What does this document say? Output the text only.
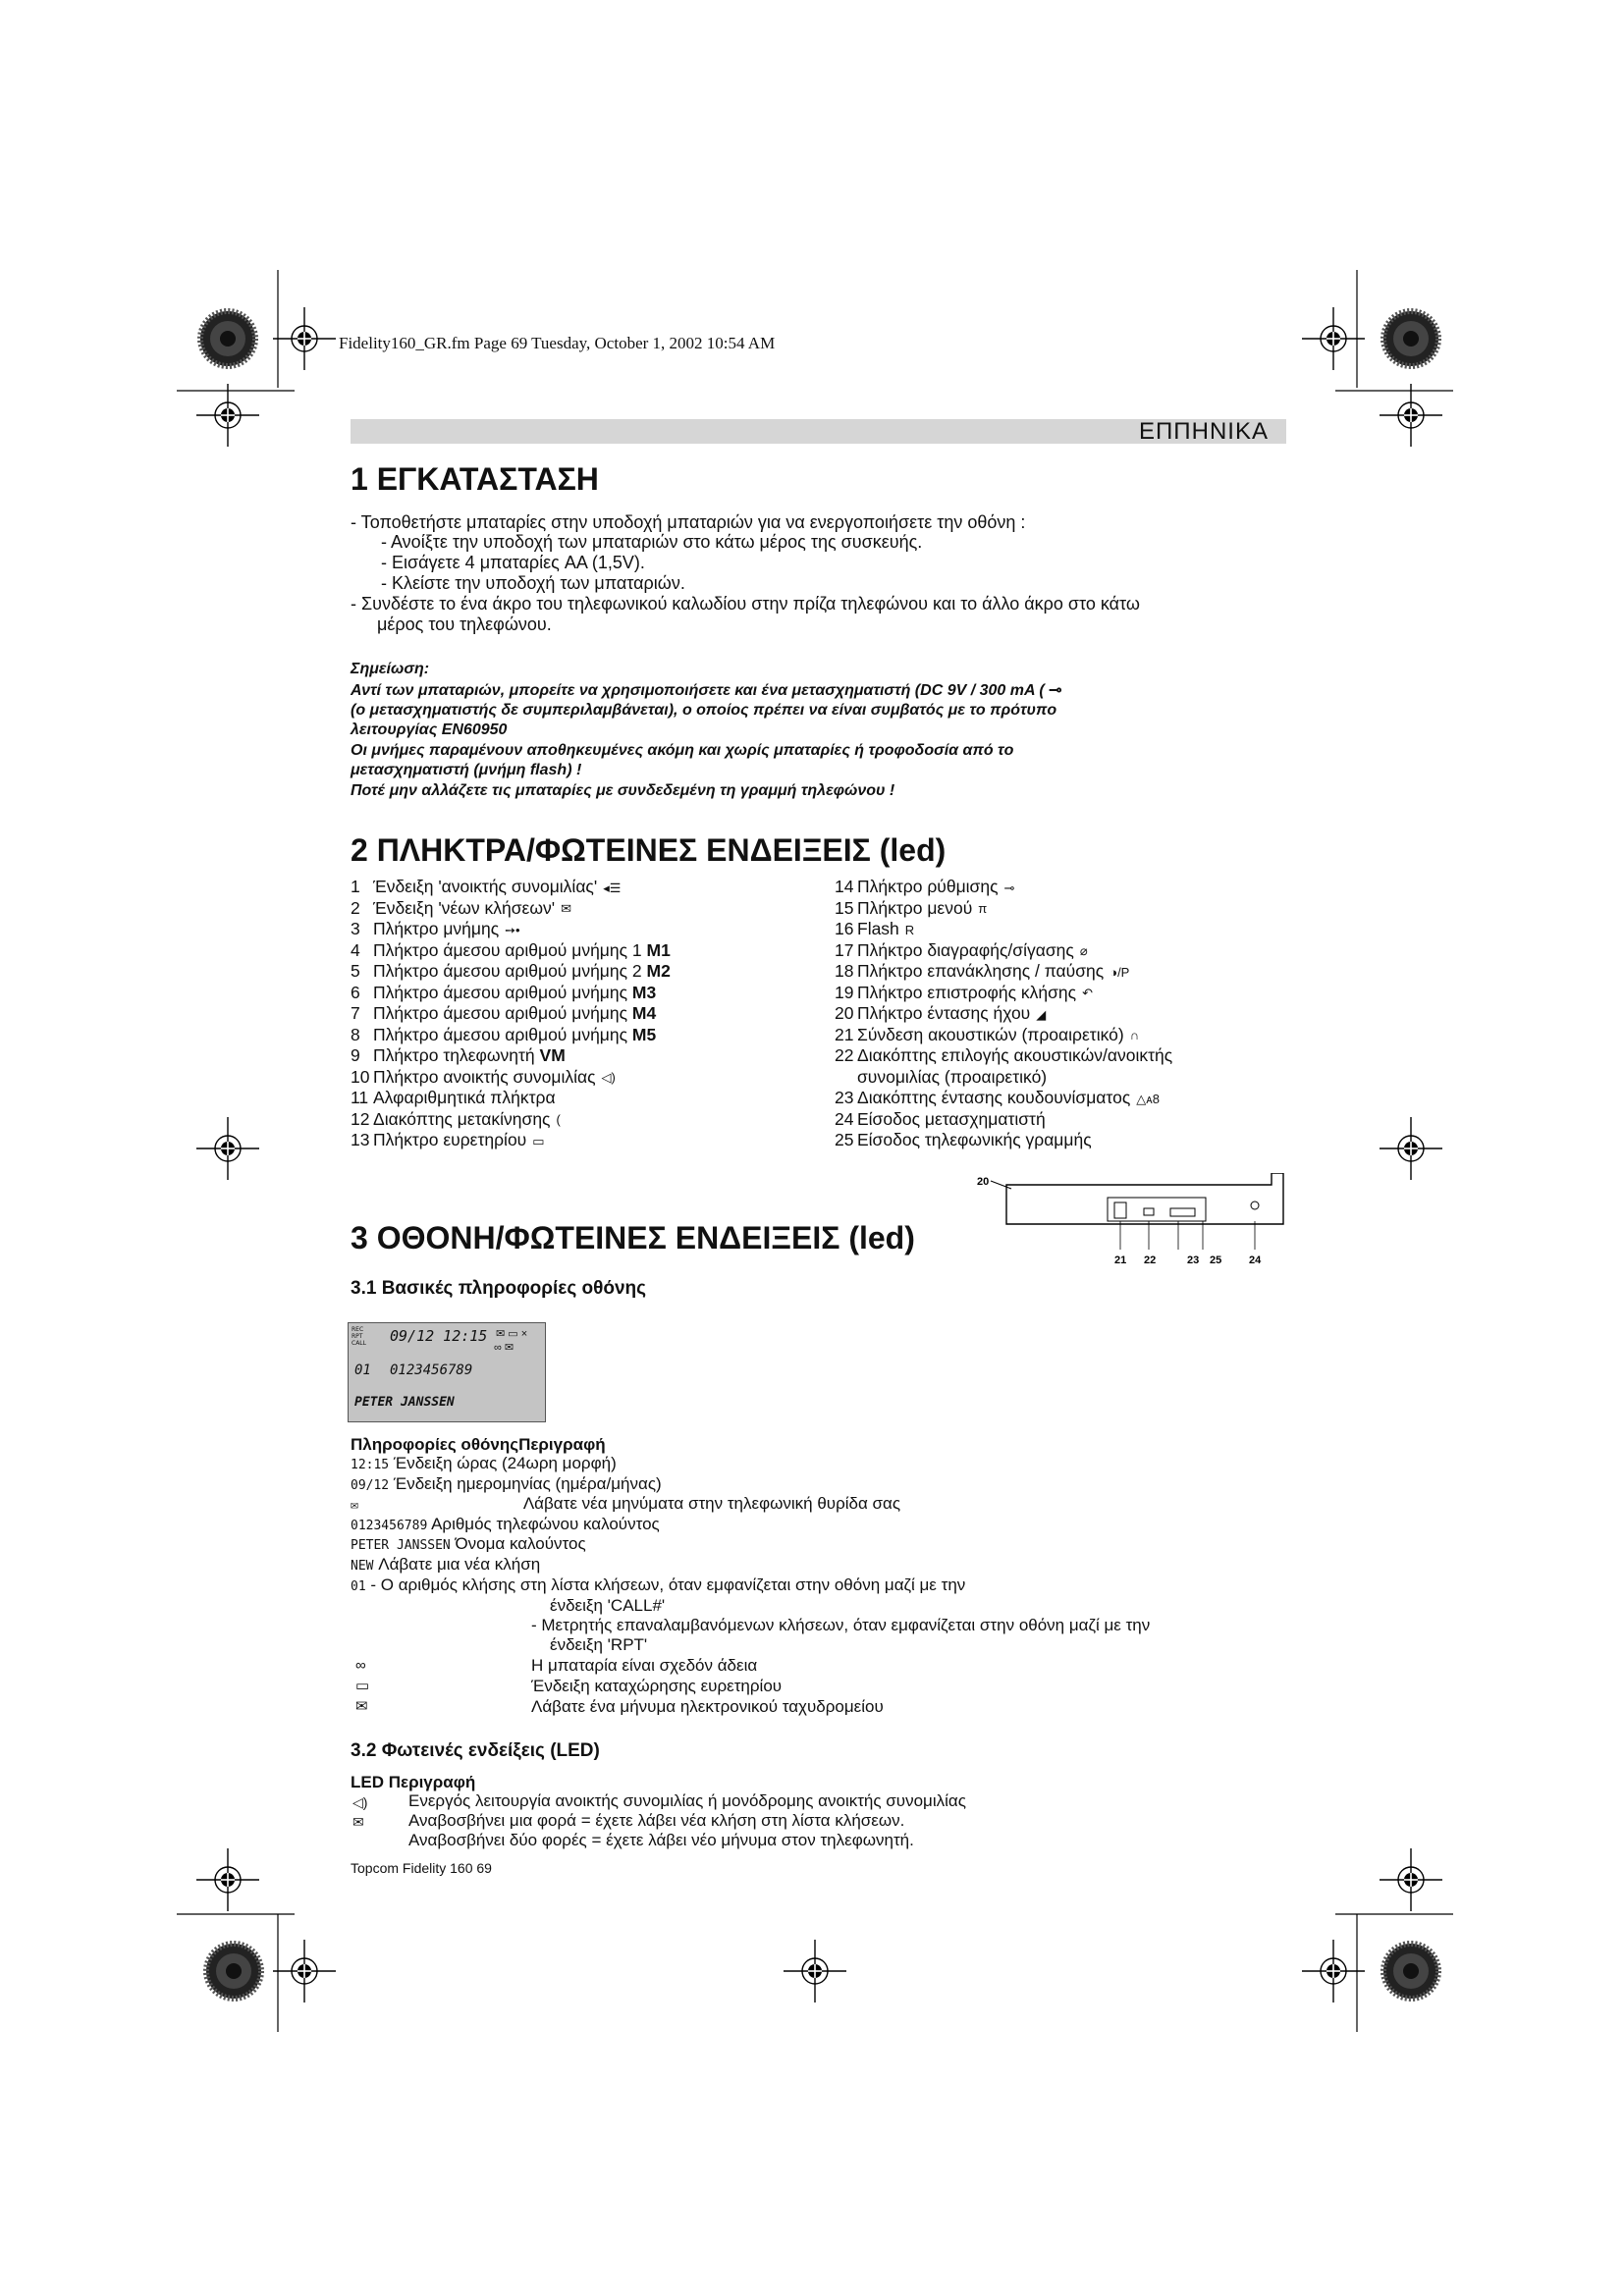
Fidelity160_GR.fm Page 69 Tuesday, October 1, 2002 10:54 AM
ΕΠΠΗΝΙΚΑ
1 ΕΓΚΑΤΑΣΤΑΣΗ
- Τοποθετήστε μπαταρίες στην υποδοχή μπαταριών για να ενεργοποιήσετε την οθόνη :
- Ανοίξτε την υποδοχή των μπαταριών στο κάτω μέρος της συσκευής.
- Εισάγετε 4 μπαταρίες AA (1,5V).
- Κλείστε την υποδοχή των μπαταριών.
- Συνδέστε το ένα άκρο του τηλεφωνικού καλωδίου στην πρίζα τηλεφώνου και το άλλο άκρο στο κάτω
μέρος του τηλεφώνου.
Σημείωση:
Αντί των μπαταριών, μπορείτε να χρησιμοποιήσετε και ένα μετασχηματιστή (DC 9V / 300 mA ( ⊸
(ο μετασχηματιστής δε συμπεριλαμβάνεται), ο οποίος πρέπει να είναι συμβατός με το πρότυπο
λειτουργίας EN60950
Οι μνήμες παραμένουν αποθηκευμένες ακόμη και χωρίς μπαταρίες ή τροφοδοσία από το
μετασχηματιστή (μνήμη flash) !
Ποτέ μην αλλάζετε τις μπαταρίες με συνδεδεμένη τη γραμμή τηλεφώνου !
2 ΠΛΗΚΤΡΑ/ΦΩΤΕΙΝΕΣ ΕΝΔΕΙΞΕΙΣ (led)
1 Ένδειξη 'ανοικτής συνομιλίας' ◂☰
2 Ένδειξη 'νέων κλήσεων' ✉
3 Πλήκτρο μνήμης ➙•
4 Πλήκτρο άμεσου αριθμού μνήμης 1 M1
5 Πλήκτρο άμεσου αριθμού μνήμης 2 M2
6 Πλήκτρο άμεσου αριθμού μνήμης M3
7 Πλήκτρο άμεσου αριθμού μνήμης M4
8 Πλήκτρο άμεσου αριθμού μνήμης M5
9 Πλήκτρο τηλεφωνητή VM
10 Πλήκτρο ανοικτής συνομιλίας ◁)
11 Αλφαριθμητικά πλήκτρα
12 Διακόπτης μετακίνησης (
13 Πλήκτρο ευρετηρίου ▭
14 Πλήκτρο ρύθμισης ⊸
15 Πλήκτρο μενού π
16 Flash R
17 Πλήκτρο διαγραφής/σίγασης ⌀
18 Πλήκτρο επανάκλησης / παύσης ◑/P
19 Πλήκτρο επιστροφής κλήσης ↶
20 Πλήκτρο έντασης ήχου ◢
21 Σύνδεση ακουστικών (προαιρετικό) ∩
22 Διακόπτης επιλογής ακουστικών/ανοικτής
συνομιλίας (προαιρετικό)
23 Διακόπτης έντασης κουδουνίσματος △ᴀ8
24 Είσοδος μετασχηματιστή
25 Είσοδος τηλεφωνικής γραμμής
20
21 22	23 25	24
3 ΟΘΟΝΗ/ΦΩΤΕΙΝΕΣ ΕΝΔΕΙΞΕΙΣ (led)
3.1 Βασικές πληροφορίες οθόνης
REC
RPT
CALL 09/12 12:15 ✉ ▭ ×
∞ ✉
01 0123456789
PETER JANSSEN
Πληροφορίες οθόνηςΠεριγραφή
12:15 Ένδειξη ώρας (24ωρη μορφή)
09/12 Ένδειξη ημερομηνίας (ημέρα/μήνας)
✉	Λάβατε νέα μηνύματα στην τηλεφωνική θυρίδα σας
0123456789 Αριθμός τηλεφώνου καλούντος
PETER JANSSEN Όνομα καλούντος
NEW Λάβατε μια νέα κλήση
01 - Ο αριθμός κλήσης στη λίστα κλήσεων, όταν εμφανίζεται στην οθόνη μαζί με την
ένδειξη 'CALL#'
- Μετρητής επαναλαμβανόμενων κλήσεων, όταν εμφανίζεται στην οθόνη μαζί με την
ένδειξη 'RPT'
∞	Η μπαταρία είναι σχεδόν άδεια
▭	Ένδειξη καταχώρησης ευρετηρίου
✉	Λάβατε ένα μήνυμα ηλεκτρονικού ταχυδρομείου
3.2 Φωτεινές ενδείξεις (LED)
LED Περιγραφή
◁) Ενεργός λειτουργία ανοικτής συνομιλίας ή μονόδρομης ανοικτής συνομιλίας
✉	Αναβοσβήνει μια φορά = έχετε λάβει νέα κλήση στη λίστα κλήσεων.
Αναβοσβήνει δύο φορές = έχετε λάβει νέο μήνυμα στον τηλεφωνητή.
Topcom Fidelity 160 69
